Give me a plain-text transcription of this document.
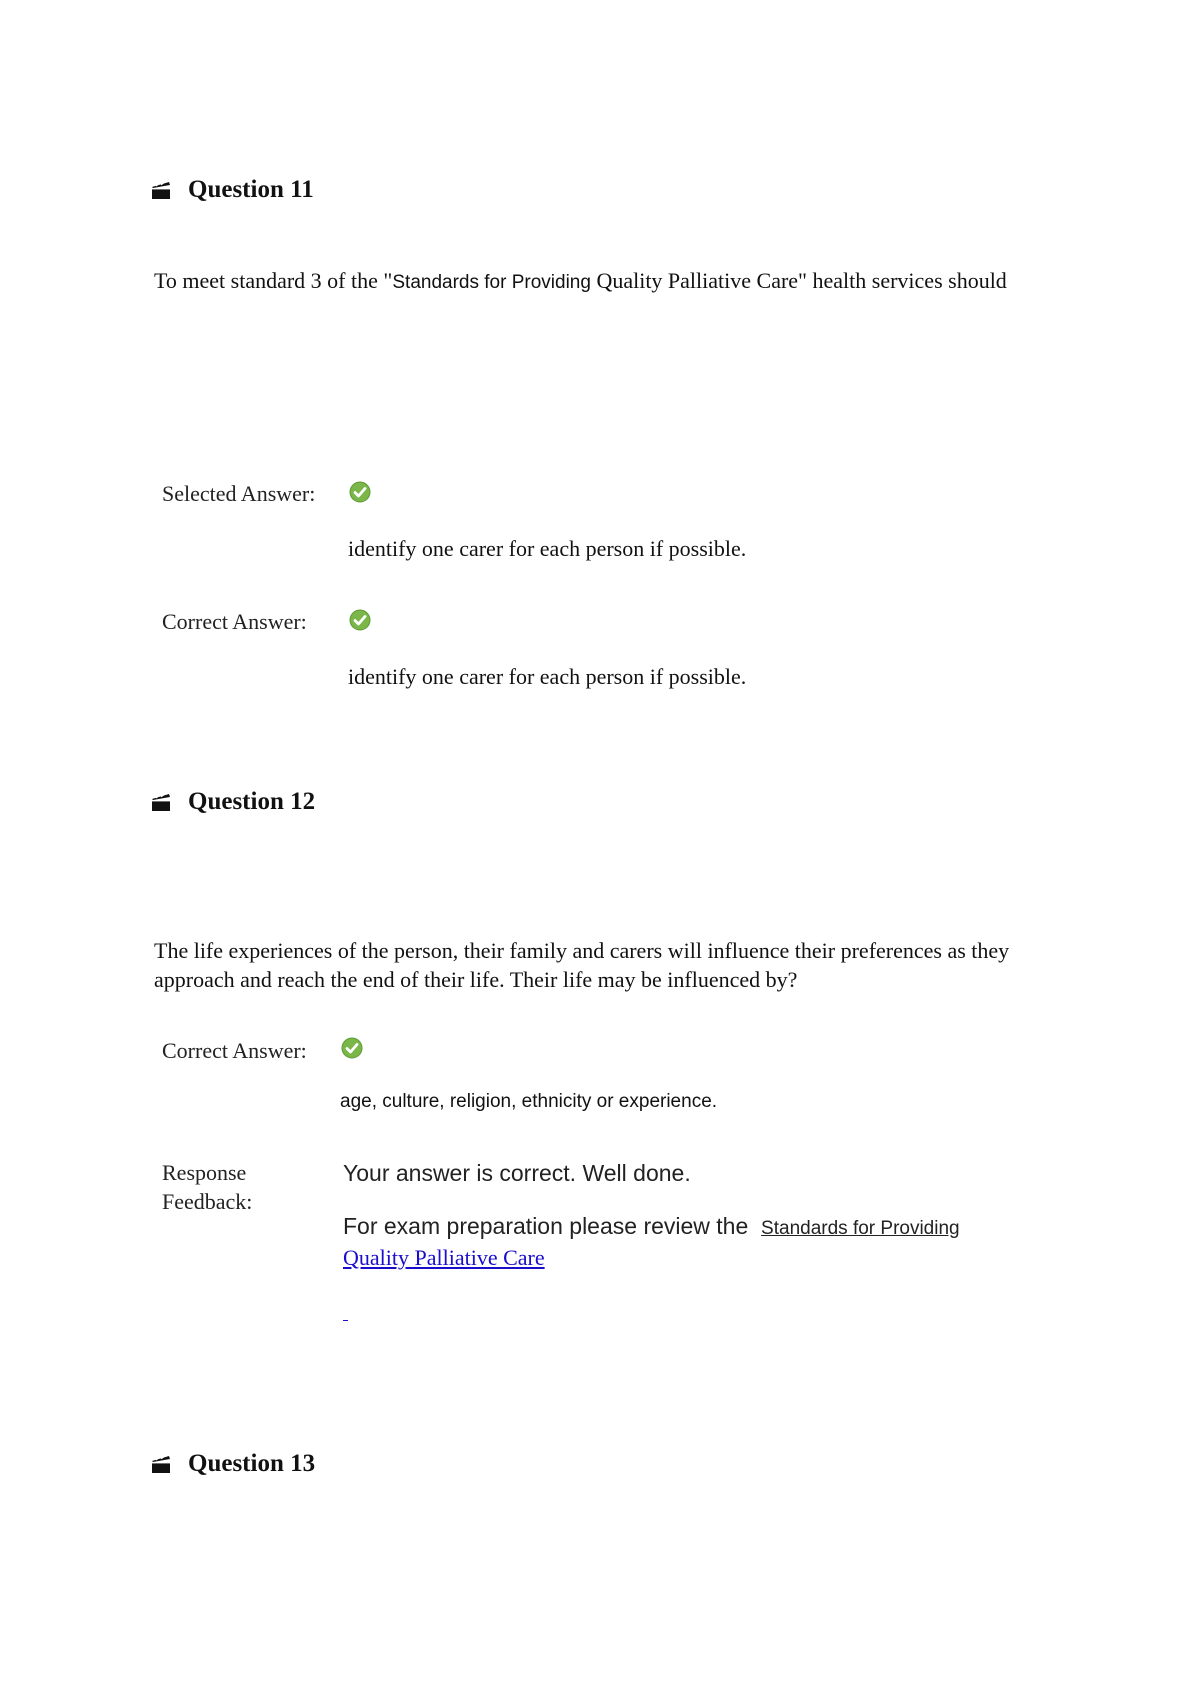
Question 11
To meet standard 3 of the "Standards for Providing Quality Palliative Care" health services should
Selected Answer:
identify one carer for each person if possible.
Correct Answer:
identify one carer for each person if possible.
Question 12
The life experiences of the person, their family and carers will influence their preferences as they approach and reach the end of their life. Their life may be influenced by?
Correct Answer:
age, culture, religion, ethnicity or experience.
Response Feedback:
Your answer is correct. Well done.
For exam preparation please review the Standards for Providing Quality Palliative Care
Question 13
